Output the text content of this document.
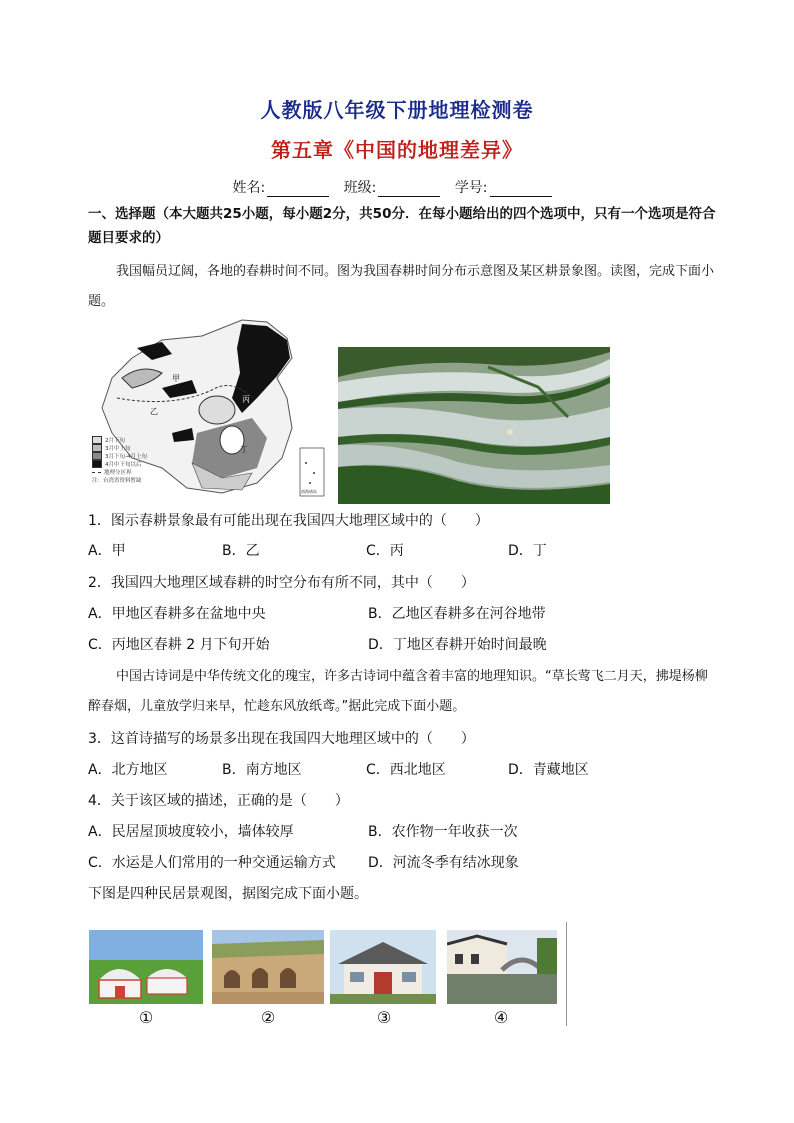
人教版八年级下册地理检测卷
第五章《中国的地理差异》
姓名:	班级:	学号:
一、选择题（本大题共25小题，每小题2分，共50分．在每小题给出的四个选项中，只有一个选项是符合题目要求的）
我国幅员辽阔，各地的春耕时间不同。图为我国春耕时间分布示意图及某区耕景象图。读图，完成下面小题。
甲
乙
丙
丁
南海诸岛
2月下旬
3月中上旬
3月下旬-4月上旬
4月中下旬以后
地理分区界
注：台湾省资料暂缺
1．图示春耕景象最有可能出现在我国四大地理区域中的（　　）
A．甲	B．乙	C．丙	D．丁
2．我国四大地理区域春耕的时空分布有所不同，其中（　　）
A．甲地区春耕多在盆地中央	B．乙地区春耕多在河谷地带
C．丙地区春耕 2 月下旬开始	D．丁地区春耕开始时间最晚
中国古诗词是中华传统文化的瑰宝，许多古诗词中蕴含着丰富的地理知识。“草长莺飞二月天，拂堤杨柳醉春烟，儿童放学归来早，忙趁东风放纸鸢。”据此完成下面小题。
3．这首诗描写的场景多出现在我国四大地理区域中的（　　）
A．北方地区	B．南方地区	C．西北地区	D．青藏地区
4．关于该区域的描述，正确的是（　　）
A．民居屋顶坡度较小，墙体较厚	B．农作物一年收获一次
C．水运是人们常用的一种交通运输方式 D．河流冬季有结冰现象
下图是四种民居景观图，据图完成下面小题。
①	②	③	④
